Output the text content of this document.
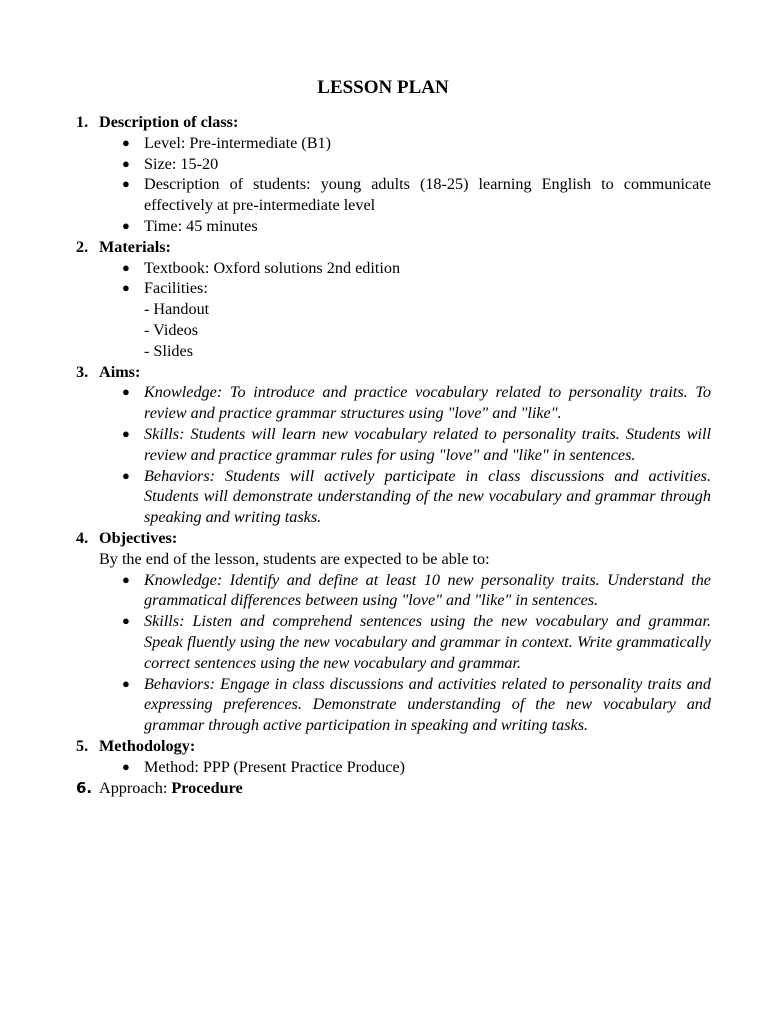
LESSON PLAN
1. Description of class:
● Level: Pre-intermediate (B1)
● Size: 15-20
● Description of students: young adults (18-25) learning English to communicate effectively at pre-intermediate level
● Time: 45 minutes
2. Materials:
● Textbook: Oxford solutions 2nd edition
● Facilities:
- Handout
- Videos
- Slides
3. Aims:
● Knowledge: To introduce and practice vocabulary related to personality traits. To review and practice grammar structures using "love" and "like".
● Skills: Students will learn new vocabulary related to personality traits. Students will review and practice grammar rules for using "love" and "like" in sentences.
● Behaviors: Students will actively participate in class discussions and activities. Students will demonstrate understanding of the new vocabulary and grammar through speaking and writing tasks.
4. Objectives:
By the end of the lesson, students are expected to be able to:
● Knowledge: Identify and define at least 10 new personality traits. Understand the grammatical differences between using "love" and "like" in sentences.
● Skills: Listen and comprehend sentences using the new vocabulary and grammar. Speak fluently using the new vocabulary and grammar in context. Write grammatically correct sentences using the new vocabulary and grammar.
● Behaviors: Engage in class discussions and activities related to personality traits and expressing preferences. Demonstrate understanding of the new vocabulary and grammar through active participation in speaking and writing tasks.
5. Methodology:
● Method: PPP (Present Practice Produce)
6. Approach: Procedure
